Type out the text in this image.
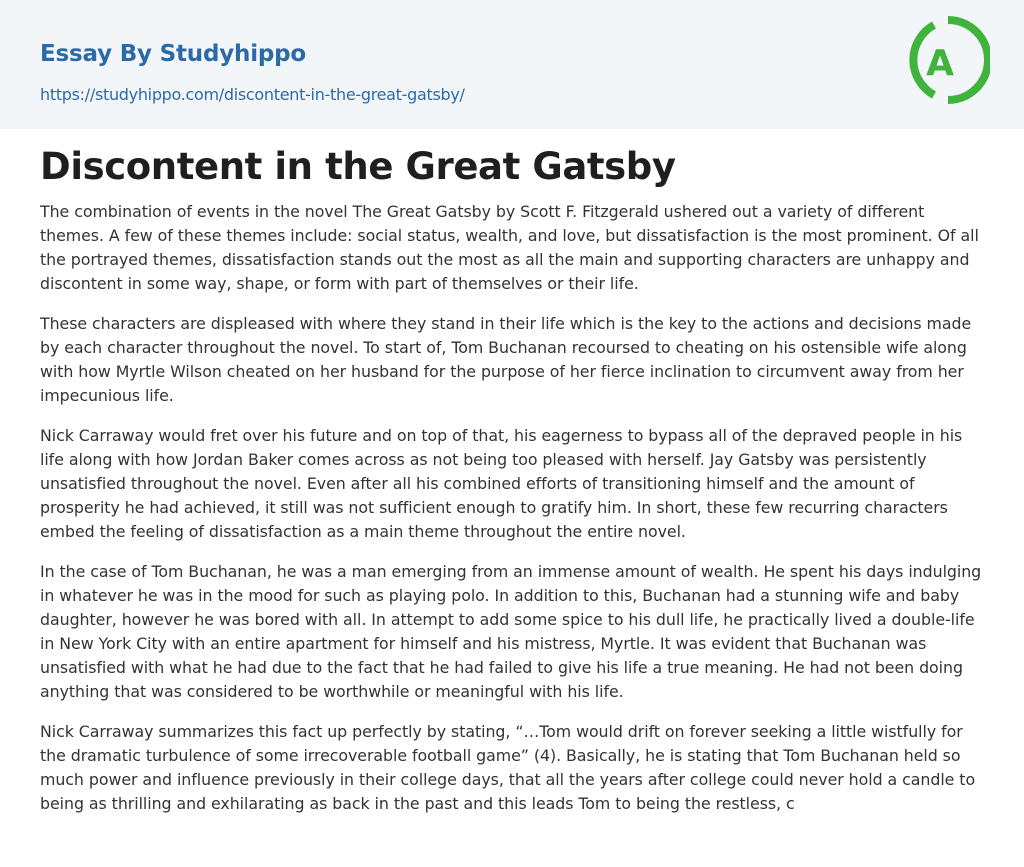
Essay By Studyhippo
https://studyhippo.com/discontent-in-the-great-gatsby/
A
Discontent in the Great Gatsby

The combination of events in the novel The Great Gatsby by Scott F. Fitzgerald ushered out a variety of different themes. A few of these themes include: social status, wealth, and love, but dissatisfaction is the most prominent. Of all the portrayed themes, dissatisfaction stands out the most as all the main and supporting characters are unhappy and discontent in some way, shape, or form with part of themselves or their life.

These characters are displeased with where they stand in their life which is the key to the actions and decisions made by each character throughout the novel. To start of, Tom Buchanan recoursed to cheating on his ostensible wife along with how Myrtle Wilson cheated on her husband for the purpose of her fierce inclination to circumvent away from her impecunious life.

Nick Carraway would fret over his future and on top of that, his eagerness to bypass all of the depraved people in his life along with how Jordan Baker comes across as not being too pleased with herself. Jay Gatsby was persistently unsatisfied throughout the novel. Even after all his combined efforts of transitioning himself and the amount of prosperity he had achieved, it still was not sufficient enough to gratify him. In short, these few recurring characters embed the feeling of dissatisfaction as a main theme throughout the entire novel.

In the case of Tom Buchanan, he was a man emerging from an immense amount of wealth. He spent his days indulging in whatever he was in the mood for such as playing polo. In addition to this, Buchanan had a stunning wife and baby daughter, however he was bored with all. In attempt to add some spice to his dull life, he practically lived a double-life in New York City with an entire apartment for himself and his mistress, Myrtle. It was evident that Buchanan was unsatisfied with what he had due to the fact that he had failed to give his life a true meaning. He had not been doing anything that was considered to be worthwhile or meaningful with his life.

Nick Carraway summarizes this fact up perfectly by stating, “…Tom would drift on forever seeking a little wistfully for the dramatic turbulence of some irrecoverable football game” (4). Basically, he is stating that Tom Buchanan held so much power and influence previously in their college days, that all the years after college could never hold a candle to being as thrilling and exhilarating as back in the past and this leads Tom to being the restless, c
